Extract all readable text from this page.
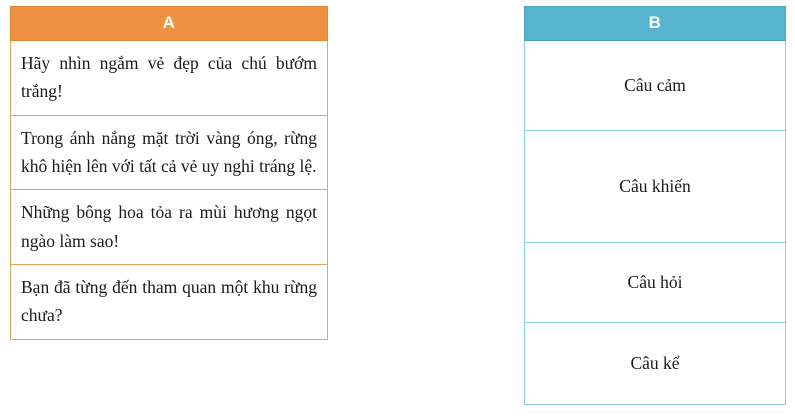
A
Hãy nhìn ngắm vẻ đẹp của chú bướm trắng!
Trong ánh nắng mặt trời vàng óng, rừng khô hiện lên với tất cả vẻ uy nghi tráng lệ.
Những bông hoa tỏa ra mùi hương ngọt ngào làm sao!
Bạn đã từng đến tham quan một khu rừng chưa?
B
Câu cảm
Câu khiến
Câu hỏi
Câu kể
